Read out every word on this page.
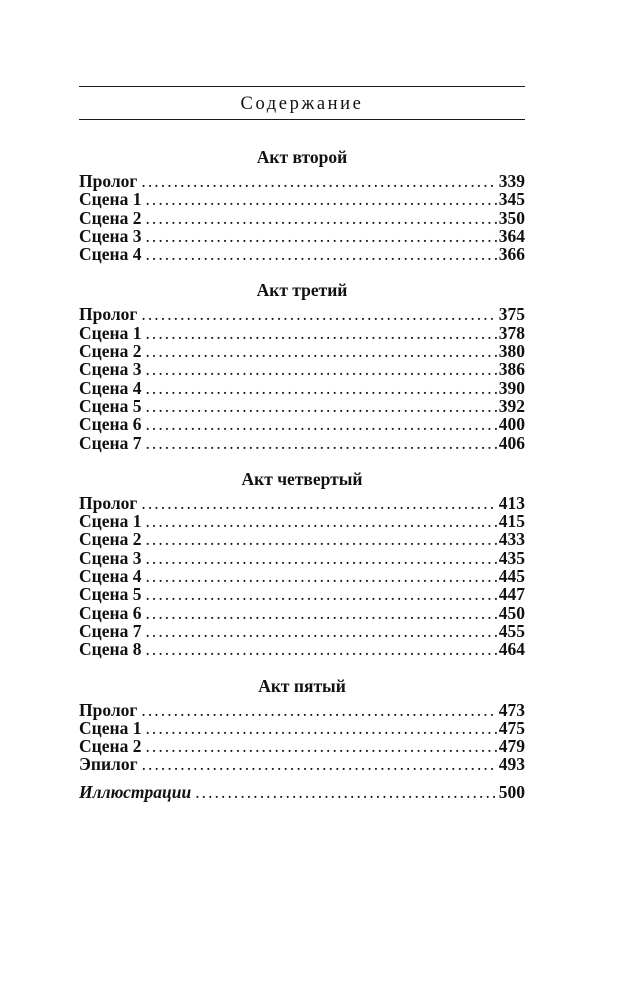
Содержание
Акт второй
Пролог . . .	339
Сцена 1 . . .	345
Сцена 2 . . .	350
Сцена 3 . . .	364
Сцена 4 . . .	366
Акт третий
Пролог . . .	375
Сцена 1 . . .	378
Сцена 2 . . .	380
Сцена 3 . . .	386
Сцена 4 . . .	390
Сцена 5 . . .	392
Сцена 6 . . .	400
Сцена 7 . . .	406
Акт четвертый
Пролог . . .	413
Сцена 1 . . .	415
Сцена 2 . . .	433
Сцена 3 . . .	435
Сцена 4 . . .	445
Сцена 5 . . .	447
Сцена 6 . . .	450
Сцена 7 . . .	455
Сцена 8 . . .	464
Акт пятый
Пролог . . .	473
Сцена 1 . . .	475
Сцена 2 . . .	479
Эпилог . . .	493
Иллюстрации . . .	500
